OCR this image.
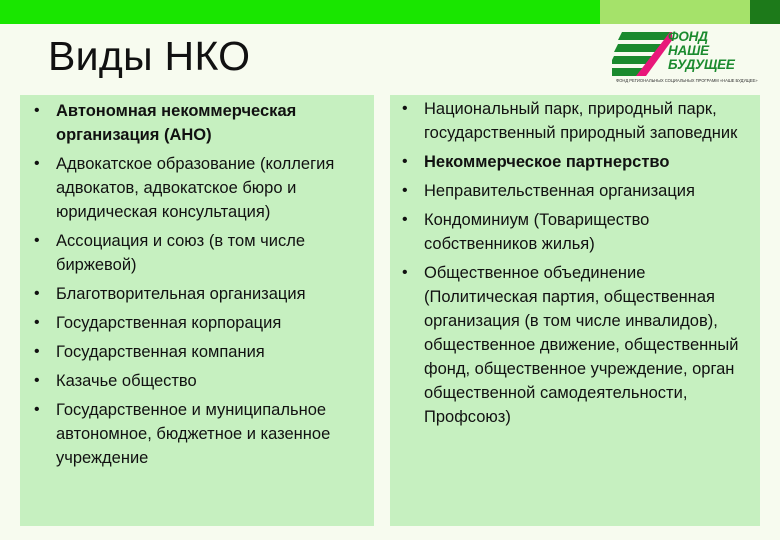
Виды НКО	ФОНД
НАШЕ
БУДУЩЕЕ
ФОНД РЕГИОНАЛЬНЫХ СОЦИАЛЬНЫХ ПРОГРАММ «НАШЕ БУДУЩЕЕ»
• Автономная некоммерческая организация (АНО)
• Адвокатское образование (коллегия адвокатов, адвокатское бюро и юридическая консультация)
• Ассоциация и союз (в том числе биржевой)
• Благотворительная организация
• Государственная корпорация
• Государственная компания
• Казачье общество
• Государственное и муниципальное автономное, бюджетное и казенное учреждение
• Национальный парк, природный парк, государственный природный заповедник
• Некоммерческое партнерство
• Неправительственная организация
• Кондоминиум (Товарищество собственников жилья)
• Общественное объединение (Политическая партия, общественная организация (в том числе инвалидов), общественное движение, общественный фонд, общественное учреждение, орган общественной самодеятельности, Профсоюз)
